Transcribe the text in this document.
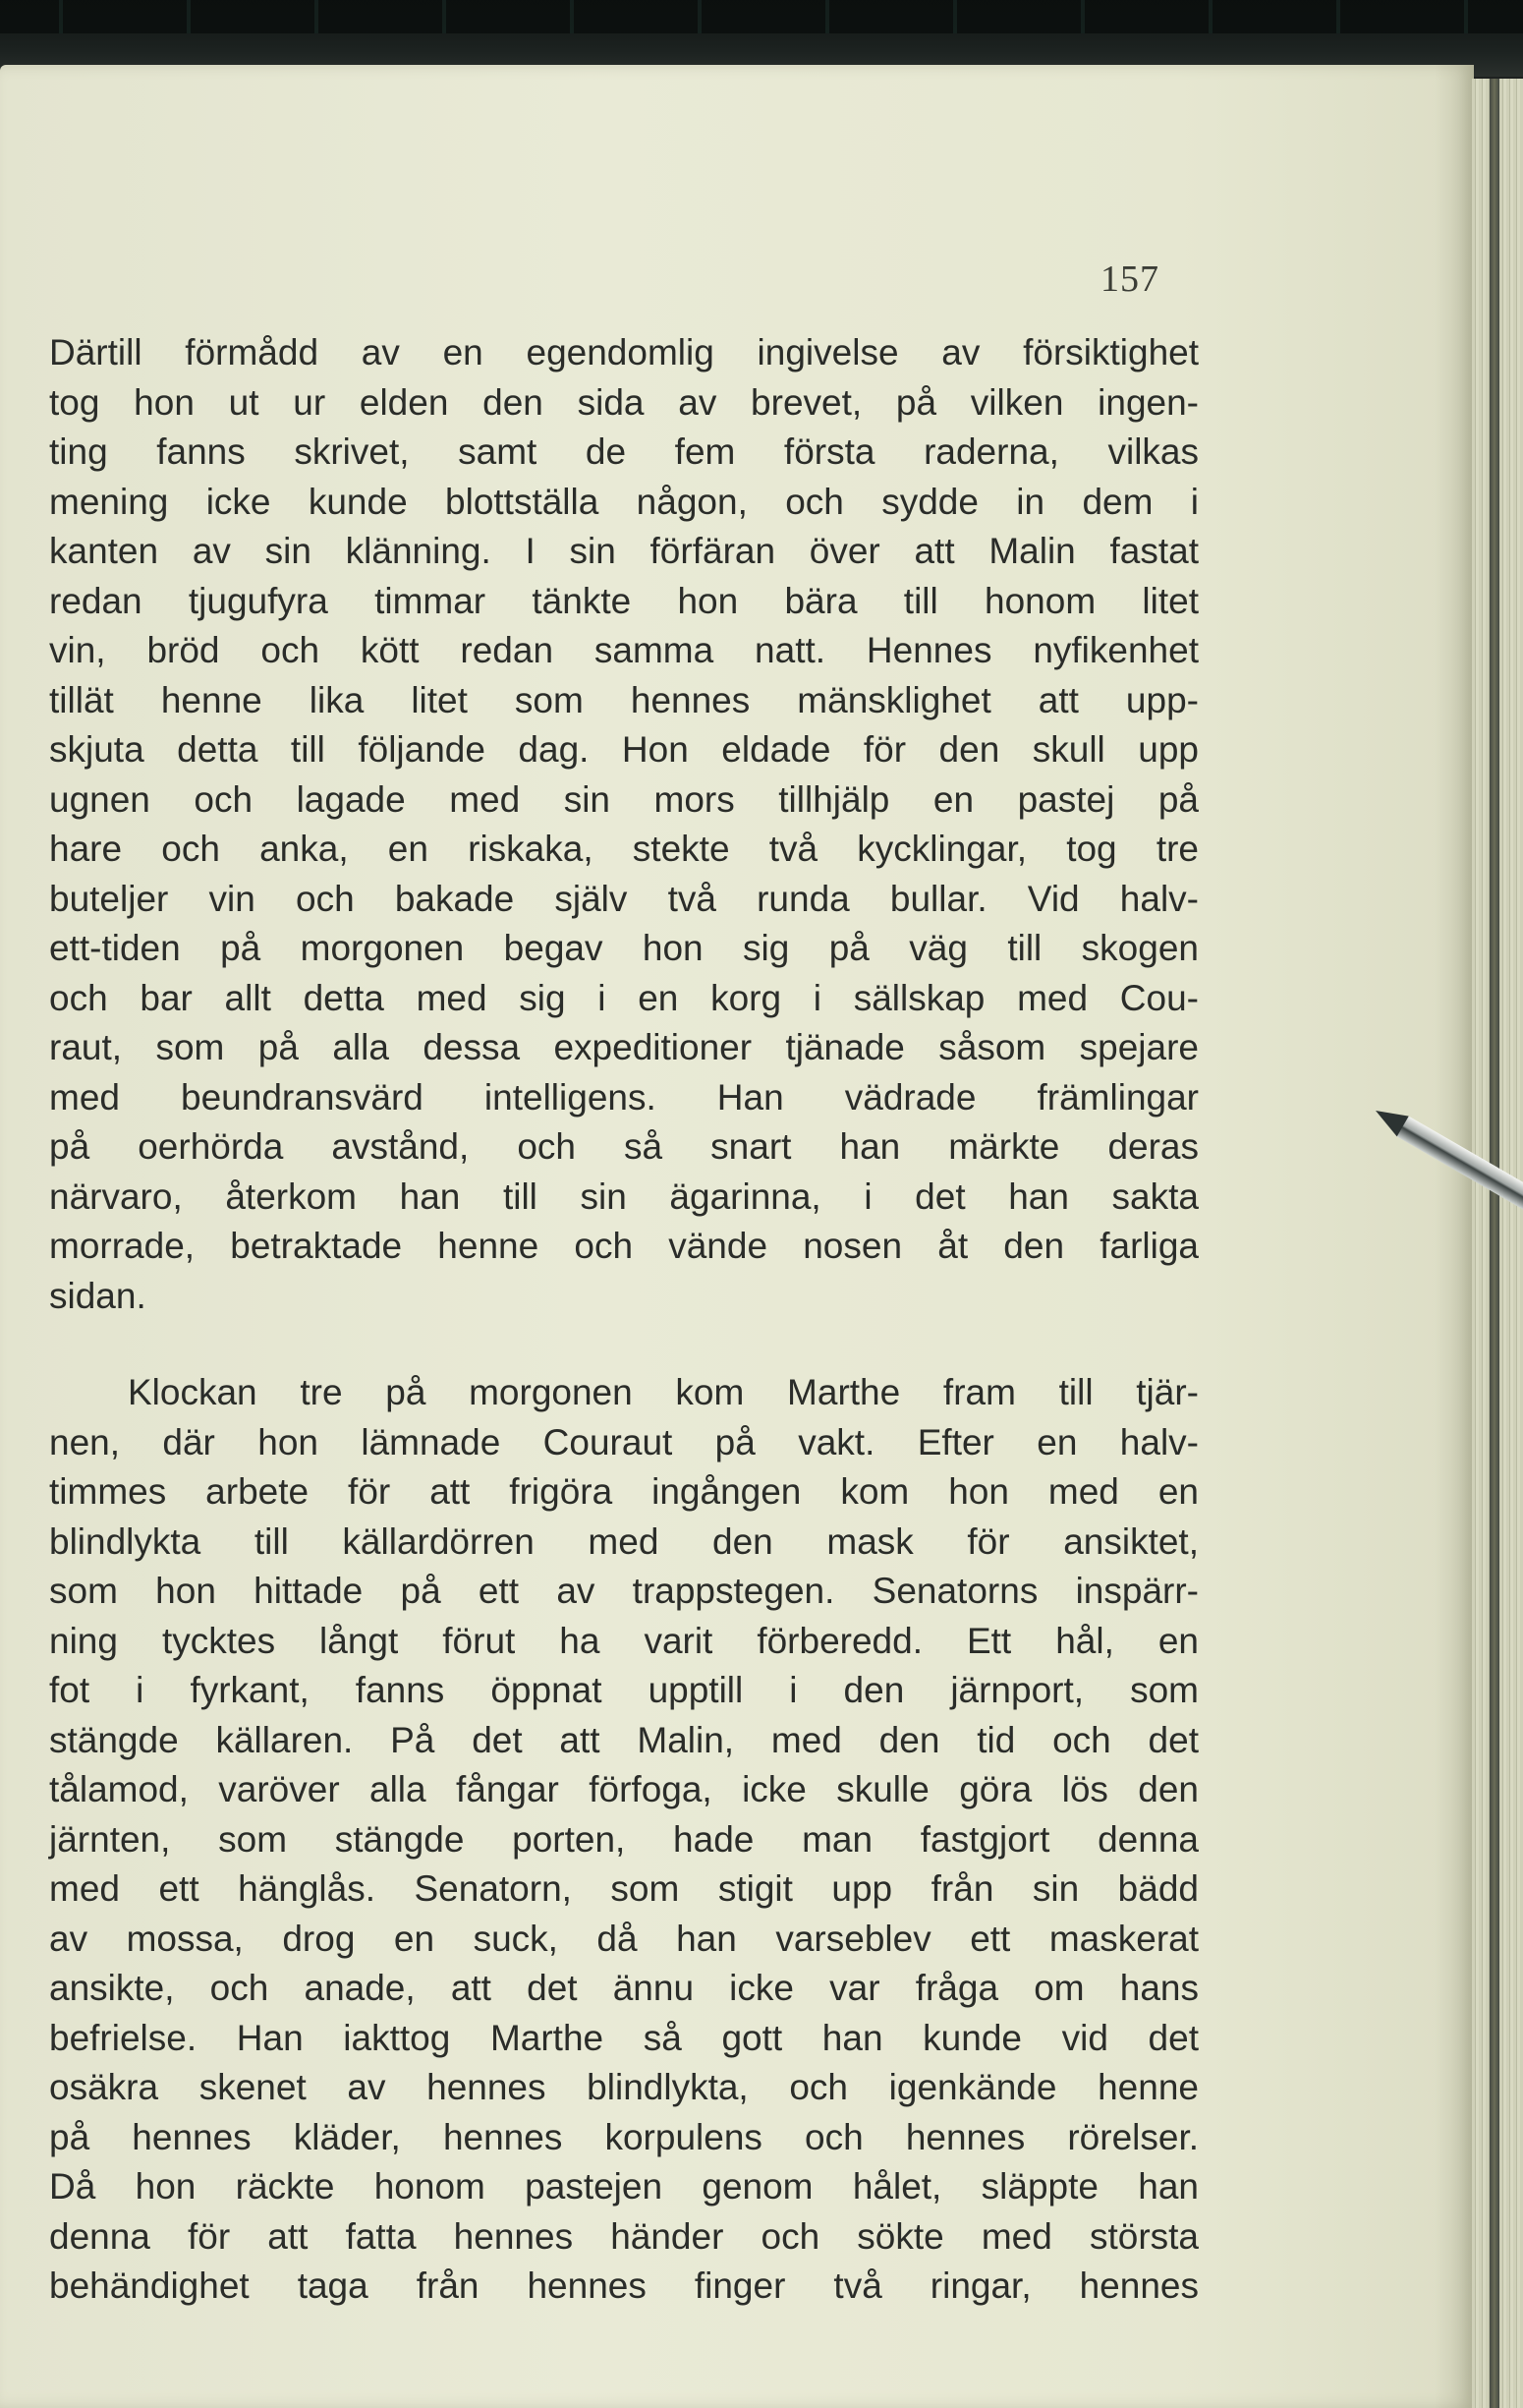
157
Därtill förmådd av en egendomlig ingivelse av försiktighet
tog hon ut ur elden den sida av brevet, på vilken ingen-
ting fanns skrivet, samt de fem första raderna, vilkas
mening icke kunde blottställa någon, och sydde in dem i
kanten av sin klänning. I sin förfäran över att Malin fastat
redan tjugufyra timmar tänkte hon bära till honom litet
vin, bröd och kött redan samma natt. Hennes nyfikenhet
tillät henne lika litet som hennes mänsklighet att upp-
skjuta detta till följande dag. Hon eldade för den skull upp
ugnen och lagade med sin mors tillhjälp en pastej på
hare och anka, en riskaka, stekte två kycklingar, tog tre
buteljer vin och bakade själv två runda bullar. Vid halv-
ett-tiden på morgonen begav hon sig på väg till skogen
och bar allt detta med sig i en korg i sällskap med Cou-
raut, som på alla dessa expeditioner tjänade såsom spejare
med beundransvärd intelligens. Han vädrade främlingar
på oerhörda avstånd, och så snart han märkte deras
närvaro, återkom han till sin ägarinna, i det han sakta
morrade, betraktade henne och vände nosen åt den farliga
sidan.
Klockan tre på morgonen kom Marthe fram till tjär-
nen, där hon lämnade Couraut på vakt. Efter en halv-
timmes arbete för att frigöra ingången kom hon med en
blindlykta till källardörren med den mask för ansiktet,
som hon hittade på ett av trappstegen. Senatorns inspärr-
ning tycktes långt förut ha varit förberedd. Ett hål, en
fot i fyrkant, fanns öppnat upptill i den järnport, som
stängde källaren. På det att Malin, med den tid och det
tålamod, varöver alla fångar förfoga, icke skulle göra lös den
järnten, som stängde porten, hade man fastgjort denna
med ett hänglås. Senatorn, som stigit upp från sin bädd
av mossa, drog en suck, då han varseblev ett maskerat
ansikte, och anade, att det ännu icke var fråga om hans
befrielse. Han iakttog Marthe så gott han kunde vid det
osäkra skenet av hennes blindlykta, och igenkände henne
på hennes kläder, hennes korpulens och hennes rörelser.
Då hon räckte honom pastejen genom hålet, släppte han
denna för att fatta hennes händer och sökte med största
behändighet taga från hennes finger två ringar, hennes
